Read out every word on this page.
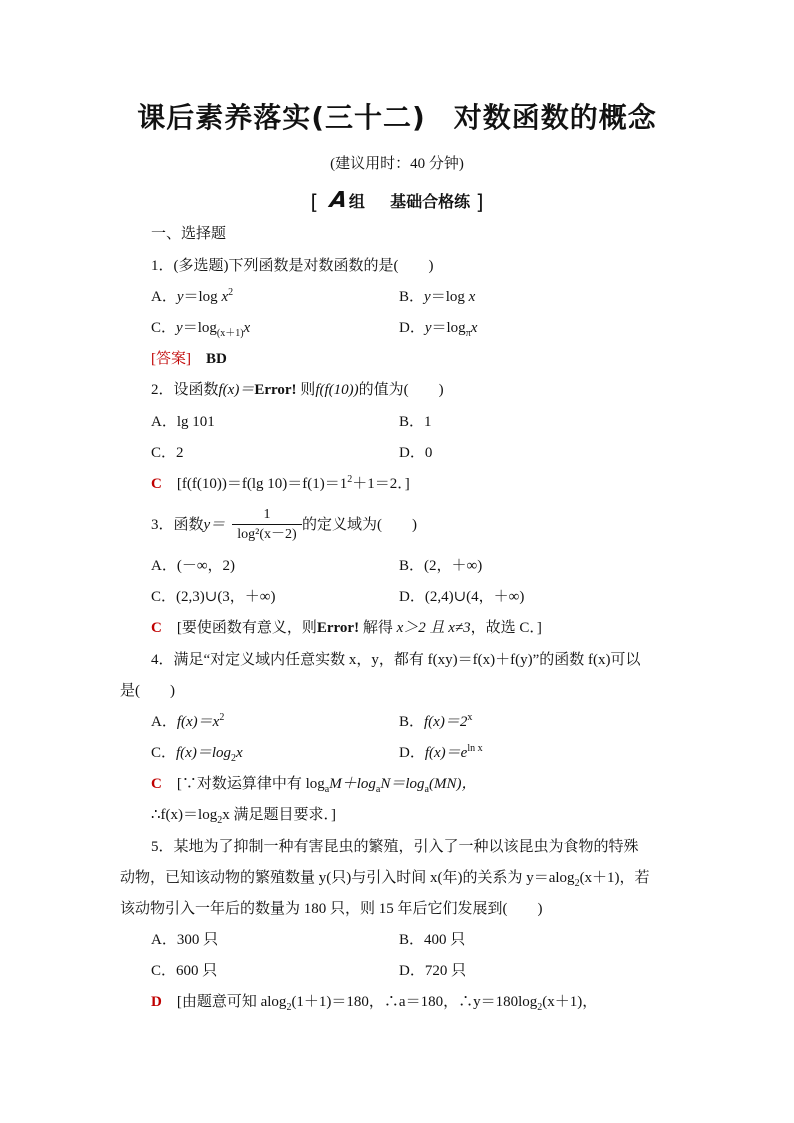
课后素养落实(三十二) 对数函数的概念
(建议用时：40 分钟)
[ A组 基础合格练 ]
一、选择题
1．(多选题)下列函数是对数函数的是(　　)
A．y＝log $x^2$	B．y＝log x
C．$y=\log_{(x+1)}x$	D．$y=\log_\pi x$
[答案]　 BD
2．设函数f(x)＝Error! 则f(f(10))的值为(　　)
A．lg 101	B．1
C．2	D．0
C　 [f(f(10))＝f(lg $10)=f(1)=1^2+1=2$．]
3．函数y＝
1
log²(x－2)
的定义域为(　　)
A．(－∞，2)	B．(2，＋∞)
C．(2,3)∪(3，＋∞)	D．(2,4)∪(4，＋∞)
C　 [要使函数有意义，则Error! 解得 x＞2 且 x≠3，故选 C．]
4．满足“对定义域内任意实数 x，y，都有 f(xy)＝f(x)＋f(y)”的函数 f(x)可以
是(　　)
A．$f(x)=x^2$	B．$f(x)=2^x$
C．$f(x)=\log_2x$	D．$f(x)=e^{ln x}$
C　 [∵对数运算律中有 $\log_aM+\log_aN=\log_a(MN)$，
$\therefore f(x)=\log_2x$ 满足题目要求．]
5．某地为了抑制一种有害昆虫的繁殖，引入了一种以该昆虫为食物的特殊
动物，已知该动物的繁殖数量 y(只)与引入时间 x(年)的关系为 y＝alog$_2$(x＋1)，若
该动物引入一年后的数量为 180 只，则 15 年后它们发展到(　　)
A．300 只	B．400 只
C．600 只	D．720 只
D　 [由题意可知 alog$_2$(1＋1)＝180，∴a＝180，$\therefore y=180\log_2(x+1)$，
